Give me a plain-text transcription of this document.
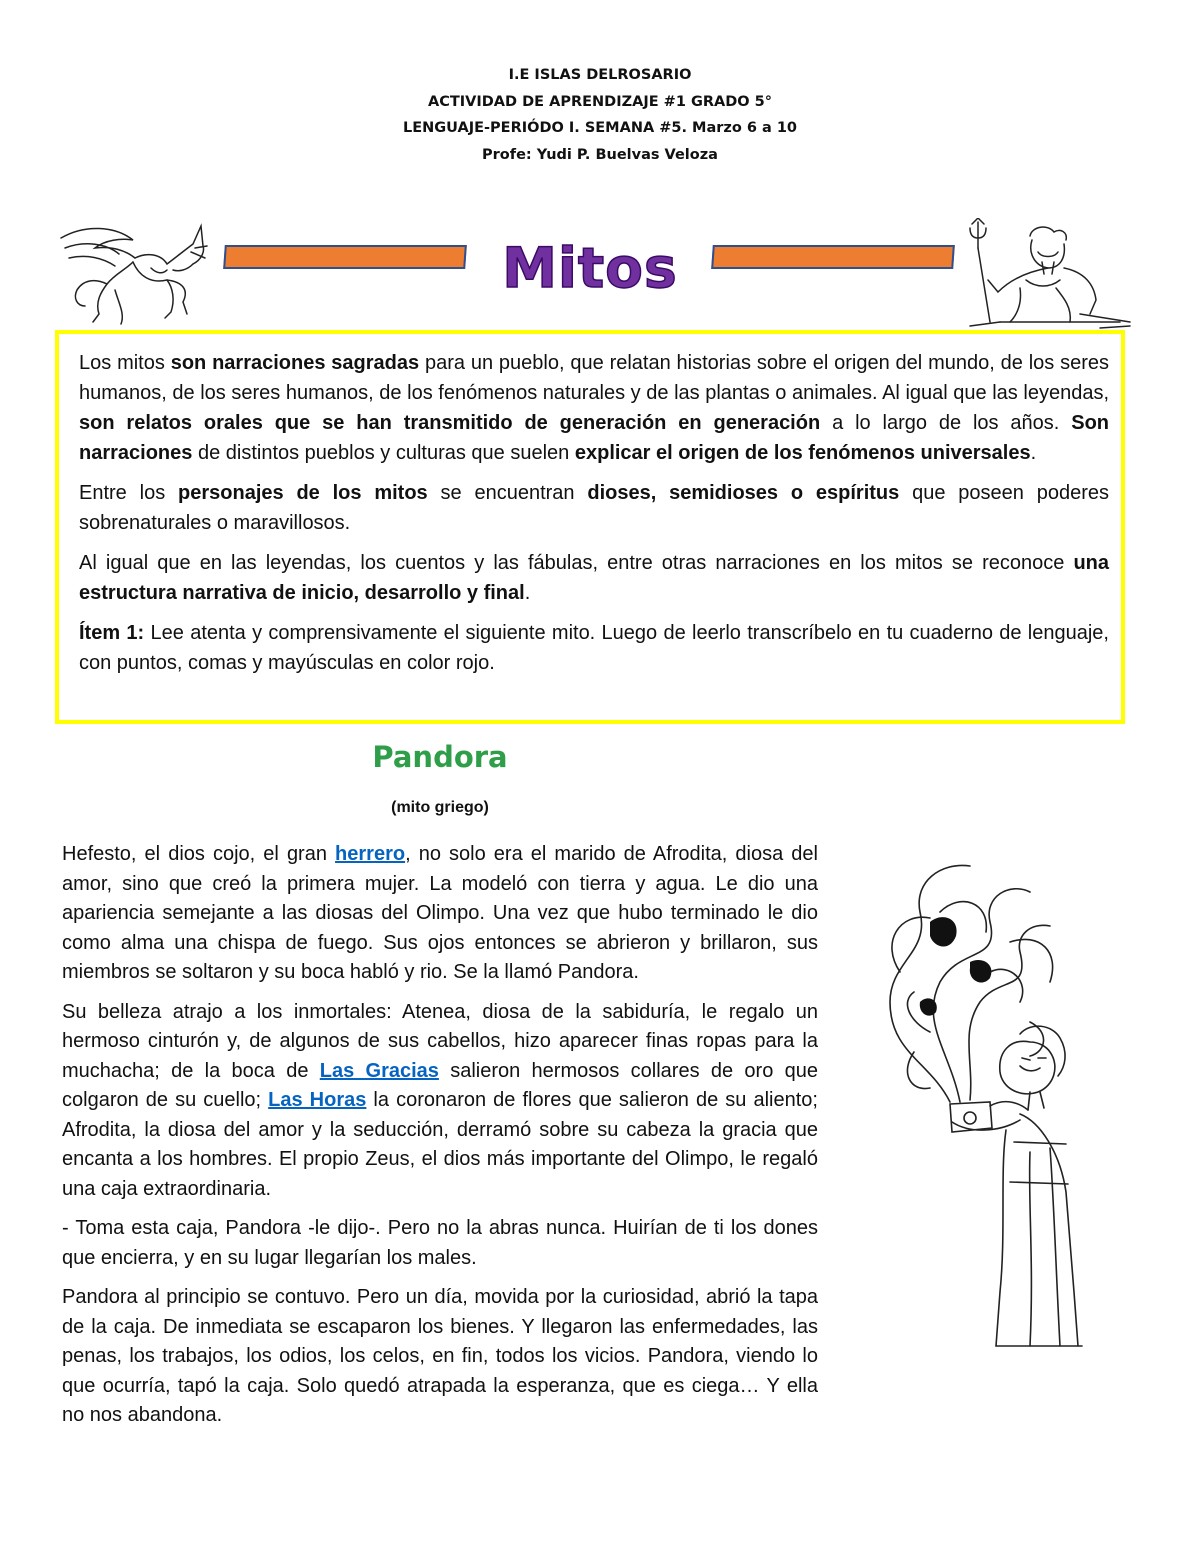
I.E ISLAS DELROSARIO
ACTIVIDAD DE APRENDIZAJE #1 GRADO 5°
LENGUAJE-PERIÓDO I. SEMANA #5. Marzo 6 a 10
Profe: Yudi P. Buelvas Veloza
Mitos

Los mitos son narraciones sagradas para un pueblo, que relatan historias sobre el origen del mundo, de los seres humanos, de los seres humanos, de los fenómenos naturales y de las plantas o animales. Al igual que las leyendas, son relatos orales que se han transmitido de generación en generación a lo largo de los años. Son narraciones de distintos pueblos y culturas que suelen explicar el origen de los fenómenos universales.

Entre los personajes de los mitos se encuentran dioses, semidioses o espíritus que poseen poderes sobrenaturales o maravillosos.

Al igual que en las leyendas, los cuentos y las fábulas, entre otras narraciones en los mitos se reconoce una estructura narrativa de inicio, desarrollo y final.

Ítem 1: Lee atenta y comprensivamente el siguiente mito. Luego de leerlo transcríbelo en tu cuaderno de lenguaje, con puntos, comas y mayúsculas en color rojo.

Pandora
(mito griego)

Hefesto, el dios cojo, el gran herrero, no solo era el marido de Afrodita, diosa del amor, sino que creó la primera mujer. La modeló con tierra y agua. Le dio una apariencia semejante a las diosas del Olimpo. Una vez que hubo terminado le dio como alma una chispa de fuego. Sus ojos entonces se abrieron y brillaron, sus miembros se soltaron y su boca habló y rio. Se la llamó Pandora.

Su belleza atrajo a los inmortales: Atenea, diosa de la sabiduría, le regalo un hermoso cinturón y, de algunos de sus cabellos, hizo aparecer finas ropas para la muchacha; de la boca de Las Gracias salieron hermosos collares de oro que colgaron de su cuello; Las Horas la coronaron de flores que salieron de su aliento; Afrodita, la diosa del amor y la seducción, derramó sobre su cabeza la gracia que encanta a los hombres. El propio Zeus, el dios más importante del Olimpo, le regaló una caja extraordinaria.

- Toma esta caja, Pandora -le dijo-. Pero no la abras nunca. Huirían de ti los dones que encierra, y en su lugar llegarían los males.

Pandora al principio se contuvo. Pero un día, movida por la curiosidad, abrió la tapa de la caja. De inmediata se escaparon los bienes. Y llegaron las enfermedades, las penas, los trabajos, los odios, los celos, en fin, todos los vicios. Pandora, viendo lo que ocurría, tapó la caja. Solo quedó atrapada la esperanza, que es ciega… Y ella no nos abandona.
